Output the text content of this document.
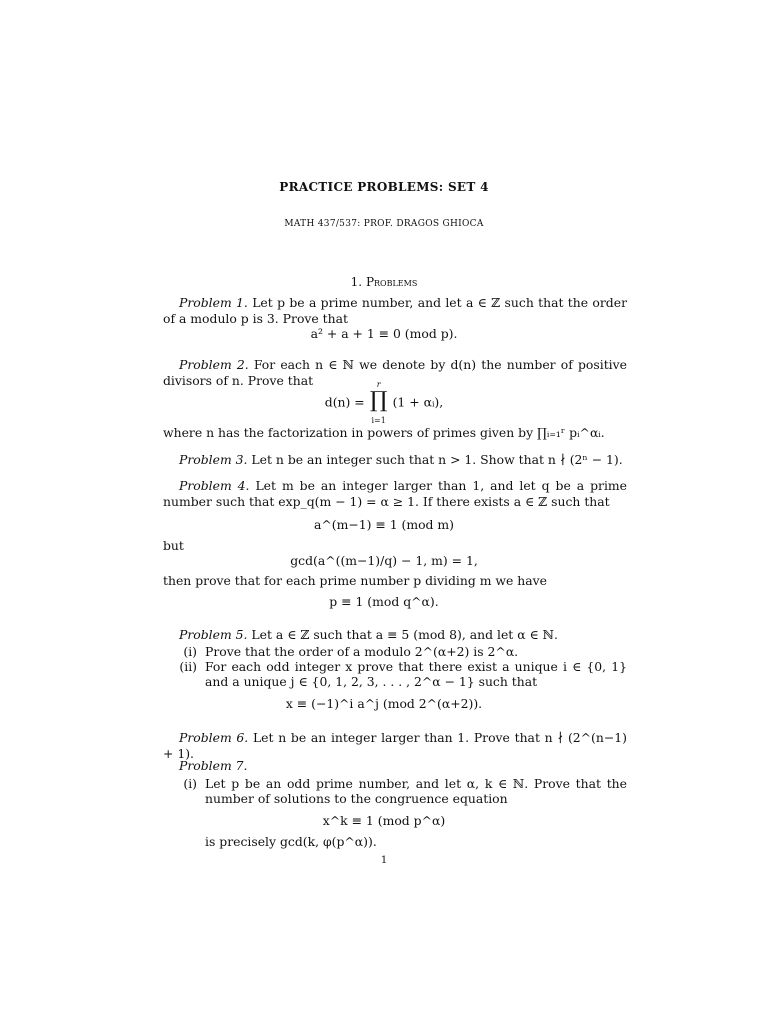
PRACTICE PROBLEMS: SET 4
MATH 437/537: PROF. DRAGOS GHIOCA
1. Problems
Problem 1. Let p be a prime number, and let a ∈ ℤ such that the order of a modulo p is 3. Prove that
a² + a + 1 ≡ 0 (mod p).
Problem 2. For each n ∈ ℕ we denote by d(n) the number of positive divisors of n. Prove that
d(n) =
r
∏
i=1
(1 + αᵢ),
where n has the factorization in powers of primes given by ∏ᵢ₌₁ʳ pᵢ^αᵢ.
Problem 3. Let n be an integer such that n > 1. Show that n ∤ (2ⁿ − 1).
Problem 4. Let m be an integer larger than 1, and let q be a prime number such that exp_q(m − 1) = α ≥ 1. If there exists a ∈ ℤ such that
a^(m−1) ≡ 1 (mod m)
but
gcd(a^((m−1)/q) − 1, m) = 1,
then prove that for each prime number p dividing m we have
p ≡ 1 (mod q^α).
Problem 5. Let a ∈ ℤ such that a ≡ 5 (mod 8), and let α ∈ ℕ.
(i) Prove that the order of a modulo 2^(α+2) is 2^α.
(ii) For each odd integer x prove that there exist a unique i ∈ {0, 1} and a unique j ∈ {0, 1, 2, 3, . . . , 2^α − 1} such that
x ≡ (−1)^i a^j (mod 2^(α+2)).
Problem 6. Let n be an integer larger than 1. Prove that n ∤ (2^(n−1) + 1).
Problem 7.
(i) Let p be an odd prime number, and let α, k ∈ ℕ. Prove that the number of solutions to the congruence equation
x^k ≡ 1 (mod p^α)
is precisely gcd(k, φ(p^α)).
1
